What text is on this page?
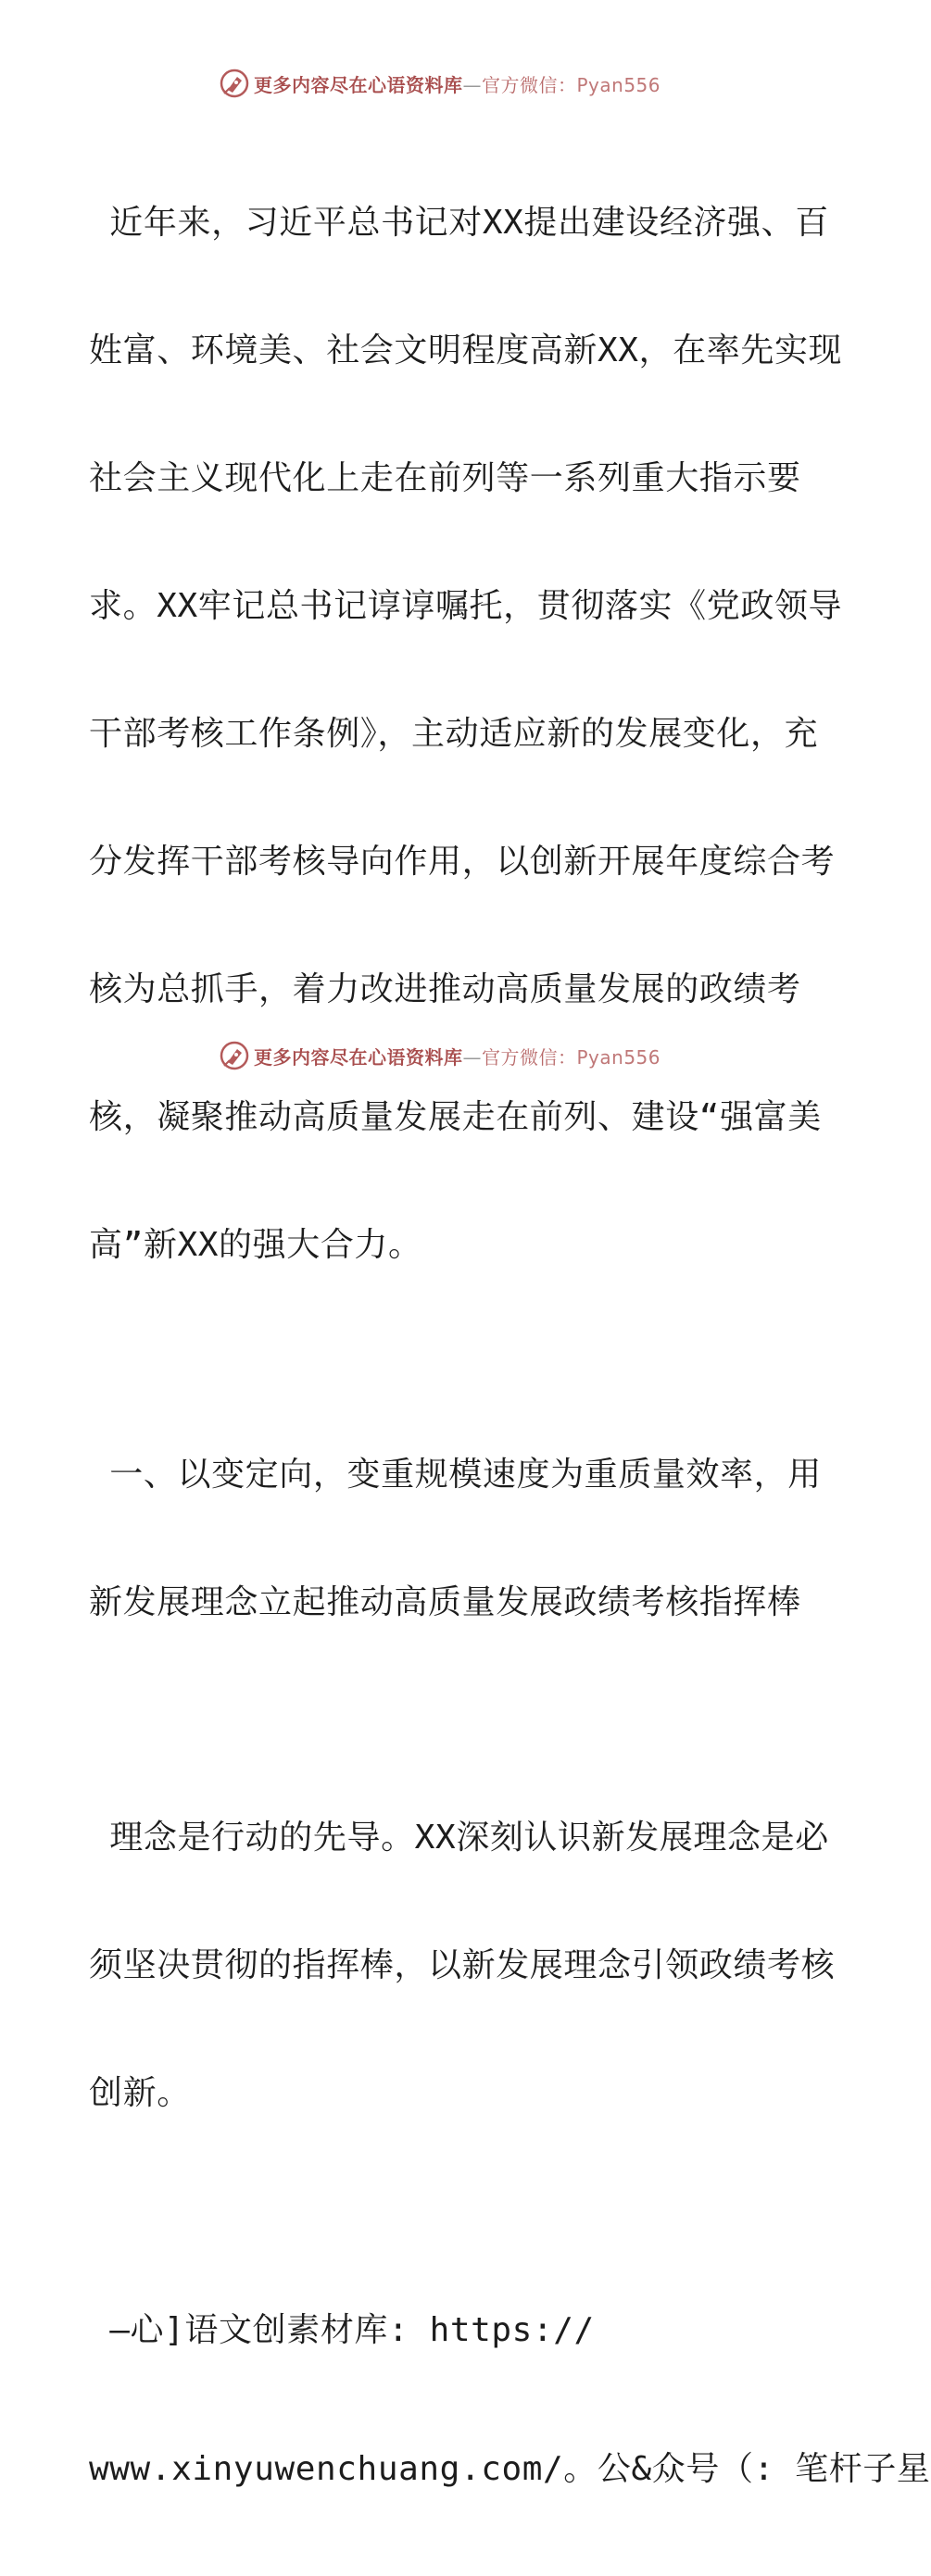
更多内容尽在心语资料库—官方微信：Pyan556

近年来，习近平总书记对XX提出建设经济强、百

姓富、环境美、社会文明程度高新XX，在率先实现

社会主义现代化上走在前列等一系列重大指示要

求。XX牢记总书记谆谆嘱托，贯彻落实《党政领导

干部考核工作条例》，主动适应新的发展变化，充

分发挥干部考核导向作用，以创新开展年度综合考

核为总抓手，着力改进推动高质量发展的政绩考

核，凝聚推动高质量发展走在前列、建设“强富美

高”新XX的强大合力。

一、以变定向，变重规模速度为重质量效率，用

新发展理念立起推动高质量发展政绩考核指挥棒

理念是行动的先导。XX深刻认识新发展理念是必

须坚决贯彻的指挥棒，以新发展理念引领政绩考核

创新。

—心]语文创素材库: https://

www.xinyuwenchuang.com/。公&众号（: 笔杆子星

更多内容尽在心语资料库—官方微信：Pyan556
